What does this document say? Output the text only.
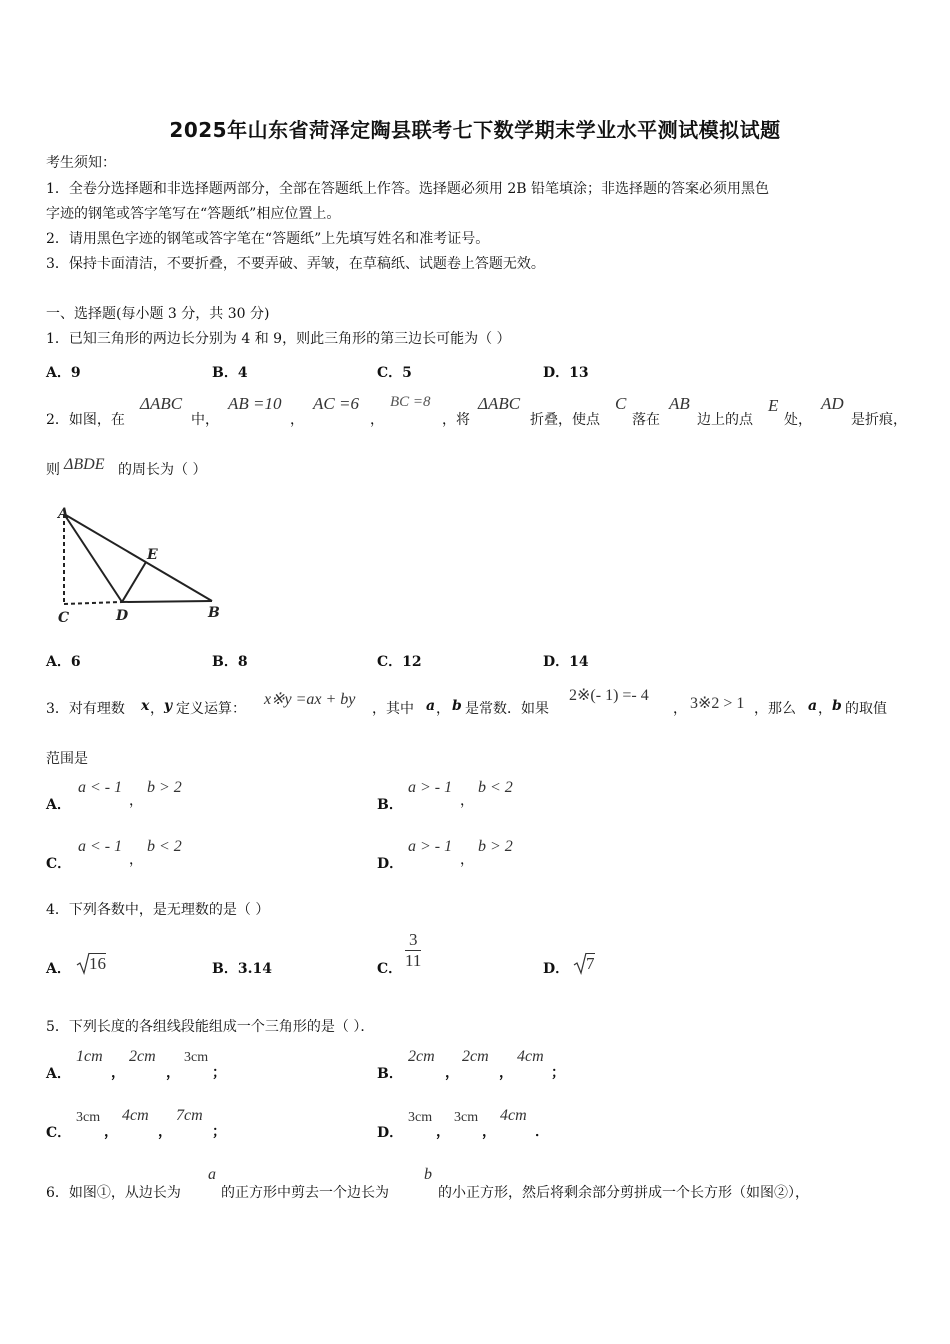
2025年山东省菏泽定陶县联考七下数学期末学业水平测试模拟试题
考生须知：
1．全卷分选择题和非选择题两部分，全部在答题纸上作答。选择题必须用 2B 铅笔填涂；非选择题的答案必须用黑色
字迹的钢笔或答字笔写在“答题纸”相应位置上。
2．请用黑色字迹的钢笔或答字笔在“答题纸”上先填写姓名和准考证号。
3．保持卡面清洁，不要折叠，不要弄破、弄皱，在草稿纸、试题卷上答题无效。
一、选择题(每小题 3 分，共 30 分)
1．已知三角形的两边长分别为 4 和 9，则此三角形的第三边长可能为（ ）
A．9	B．4	C．5	D．13
2．如图，在
ΔABC
中，
AB =10
，
AC =6
，
BC =8
，将
ΔABC
折叠，使点
C
落在
AB
边上的点
E
处，
AD
是折痕，
则 ΔBDE 的周长为（ ）
A
E
C	D	B
A．6	B．8	C．12	D．14
3．对有理数 x ， y 定义运算：
x※y =ax + by
，其中 a ， b 是常数．如果
2※(- 1) =- 4
， 3※2 > 1 ，那么 a ， b 的取值
范围是
A．
a < - 1
，
b > 2
B．
a > - 1
，
b < 2
C．
a < - 1
，
b < 2
D．
a > - 1
，
b > 2
4．下列各数中，是无理数的是（ ）
A． 16	B．3.14	C． $\frac{3}{11}$	D． 7
5．下列长度的各组线段能组成一个三角形的是（ ）．
A．
1cm
，
2cm
，
3cm
；	B．
2cm
，
2cm
，
4cm
；
C．
3cm
，
4cm
，
7cm
；	D．
3cm
，
3cm
，
4cm
．
6．如图①，从边长为
a
的正方形中剪去一个边长为
b
的小正方形，然后将剩余部分剪拼成一个长方形（如图②），
